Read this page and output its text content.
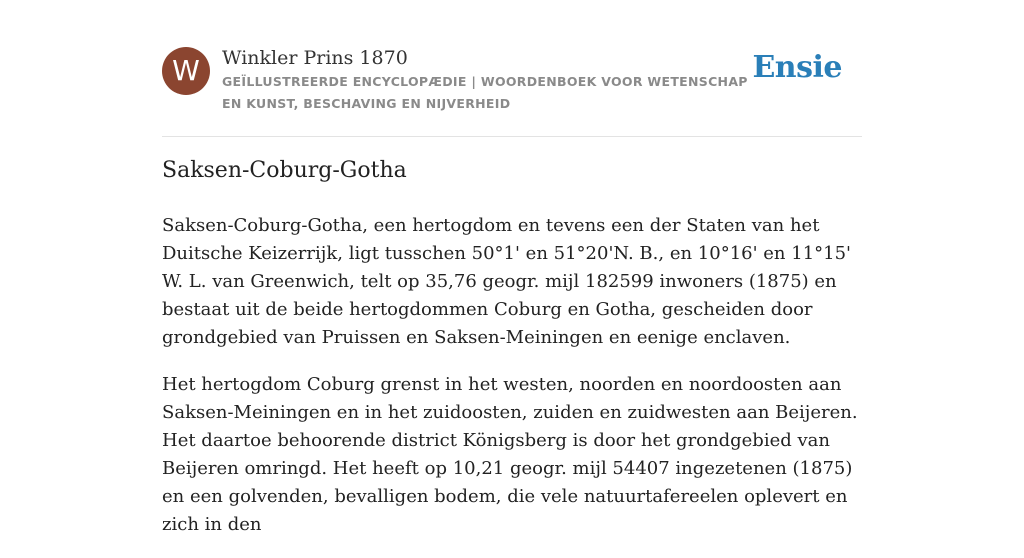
W	Winkler Prins 1870
GEÏLLUSTREERDE ENCYCLOPÆDIE | WOORDENBOEK VOOR WETENSCHAP EN KUNST, BESCHAVING EN NIJVERHEID
Ensie
Saksen-Coburg-Gotha

Saksen-Coburg-Gotha, een hertogdom en tevens een der Staten van het Duitsche Keizerrijk, ligt tusschen 50°1' en 51°20'N. B., en 10°16' en 11°15' W. L. van Greenwich, telt op 35,76 geogr. mijl 182599 inwoners (1875) en bestaat uit de beide hertogdommen Coburg en Gotha, gescheiden door grondgebied van Pruissen en Saksen-Meiningen en eenige enclaven.

Het hertogdom Coburg grenst in het westen, noorden en noordoosten aan Saksen-Meiningen en in het zuidoosten, zuiden en zuidwesten aan Beijeren. Het daartoe behoorende district Königsberg is door het grondgebied van Beijeren omringd. Het heeft op 10,21 geogr. mijl 54407 ingezetenen (1875) en een golvenden, bevalligen bodem, die vele natuurtafereelen oplevert en zich in den
